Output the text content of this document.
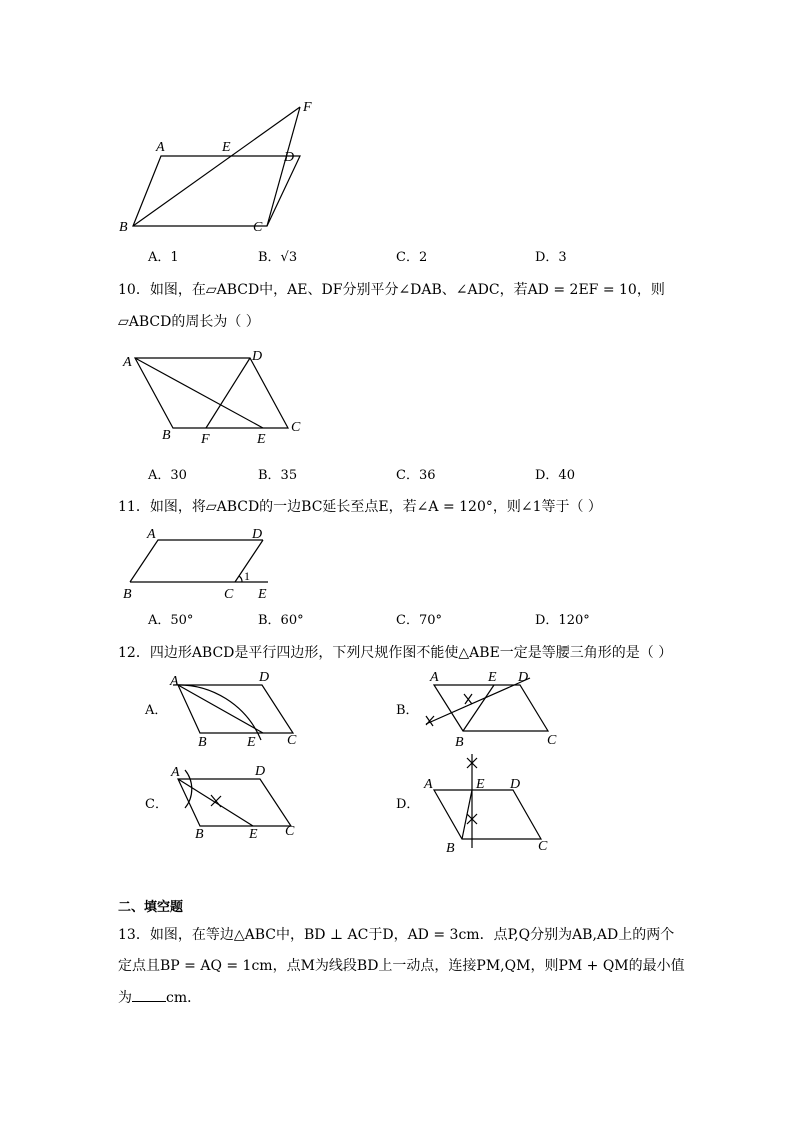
A	E
D
F
B	C
A．1	B．√3	C．2	D．3
10．如图，在▱ABCD中，AE、DF分别平分∠DAB、∠ADC，若AD = 2EF = 10，则
▱ABCD的周长为（ ）
A	D
B F	E
C
A．30	B．35	C．36	D．40
11．如图，将▱ABCD的一边BC延长至点E，若∠A = 120°，则∠1等于（ ）
A	D
B	C E
1
A．50°	B．60°	C．70°	D．120°
12．四边形ABCD是平行四边形，下列尺规作图不能使△ABE一定是等腰三角形的是（ ）
A．
A	D
B	E C
B．
A	E D
B	C
C．
A	D
B	E C
D．
A	E D
B	C
二、填空题
13．如图，在等边△ABC中，BD ⊥ AC于D，AD = 3cm．点P,Q分别为AB,AD上的两个
定点且BP = AQ = 1cm，点M为线段BD上一动点，连接PM,QM，则PM + QM的最小值
为 cm．
